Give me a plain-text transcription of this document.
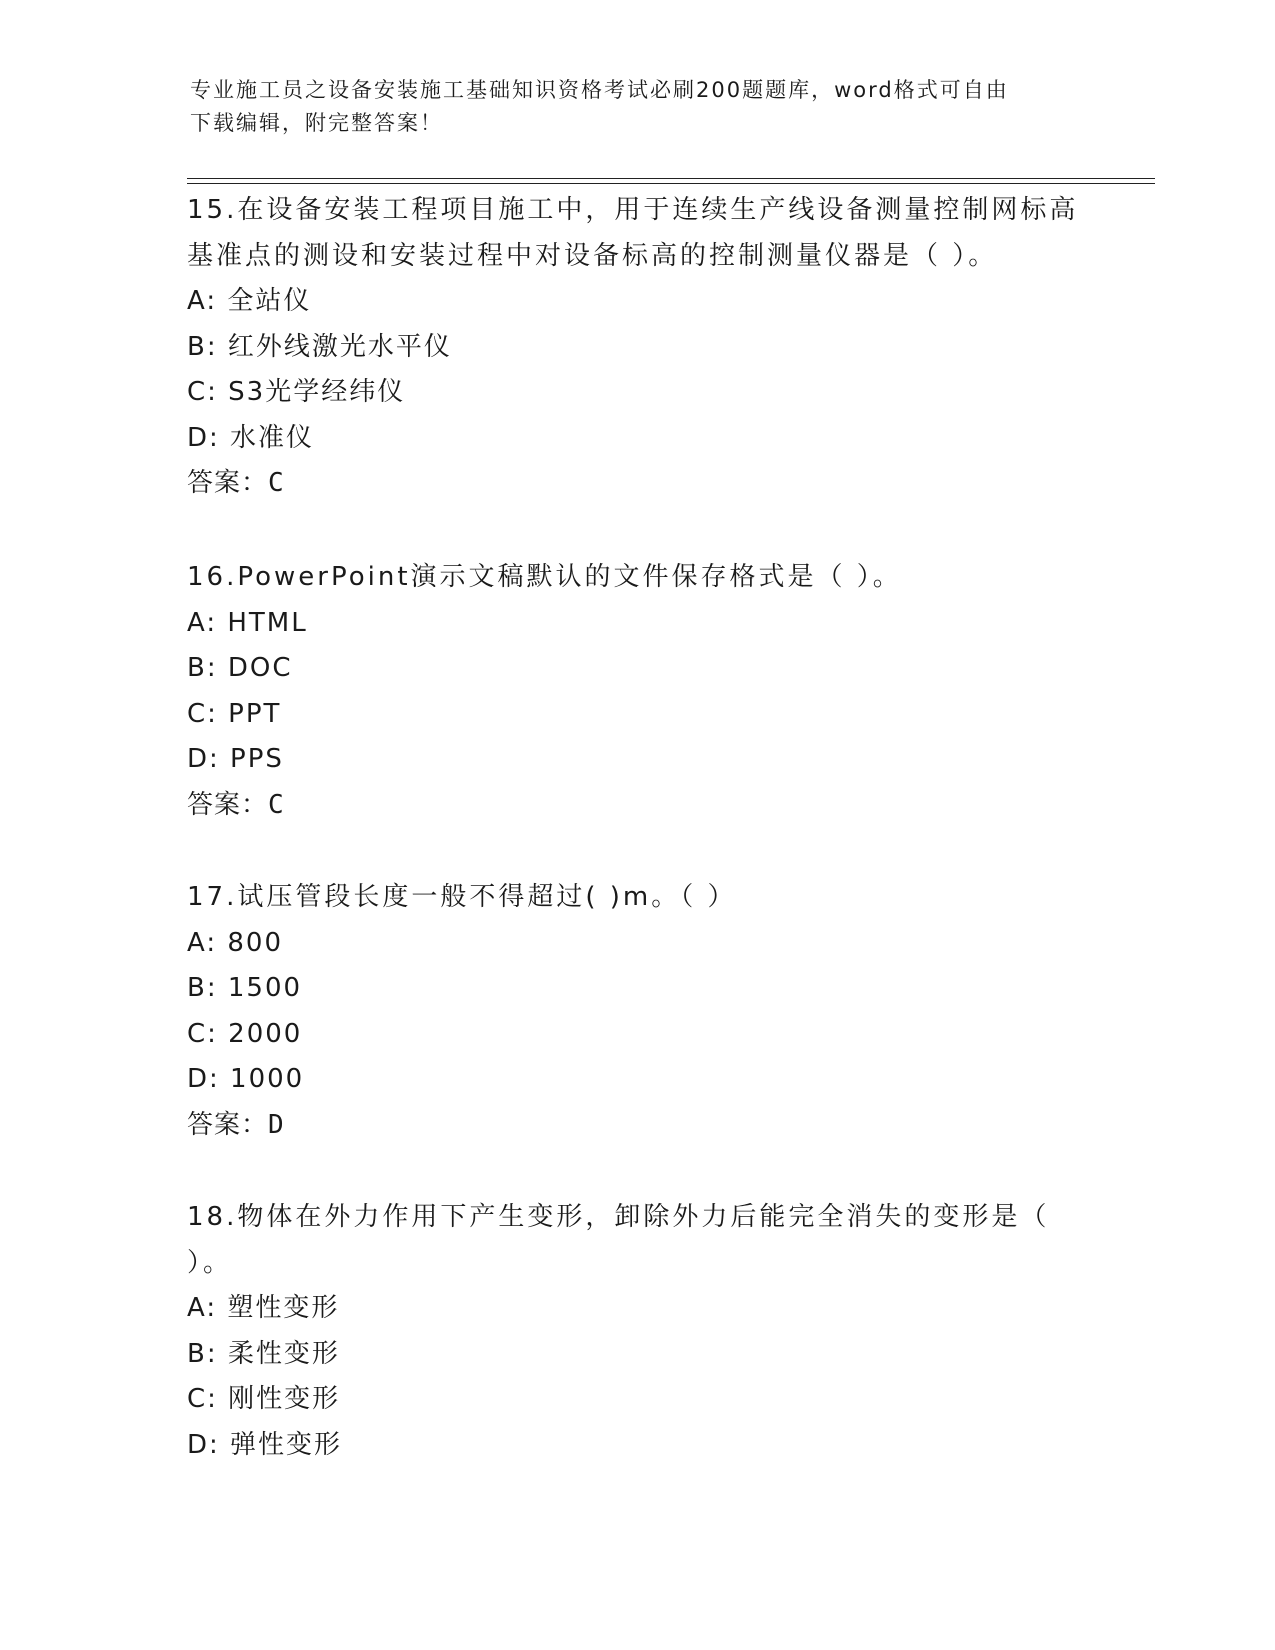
专业施工员之设备安装施工基础知识资格考试必刷200题题库，word格式可自由
下载编辑，附完整答案！

15.在设备安装工程项目施工中，用于连续生产线设备测量控制网标高

基准点的测设和安装过程中对设备标高的控制测量仪器是（ ）。

A: 全站仪

B: 红外线激光水平仪

C: S3光学经纬仪

D: 水准仪

答案：C

16.PowerPoint演示文稿默认的文件保存格式是（ ）。

A: HTML

B: DOC

C: PPT

D: PPS

答案：C

17.试压管段长度一般不得超过( )m。（ ）

A: 800

B: 1500

C: 2000

D: 1000

答案：D

18.物体在外力作用下产生变形，卸除外力后能完全消失的变形是（

）。

A: 塑性变形

B: 柔性变形

C: 刚性变形

D: 弹性变形
